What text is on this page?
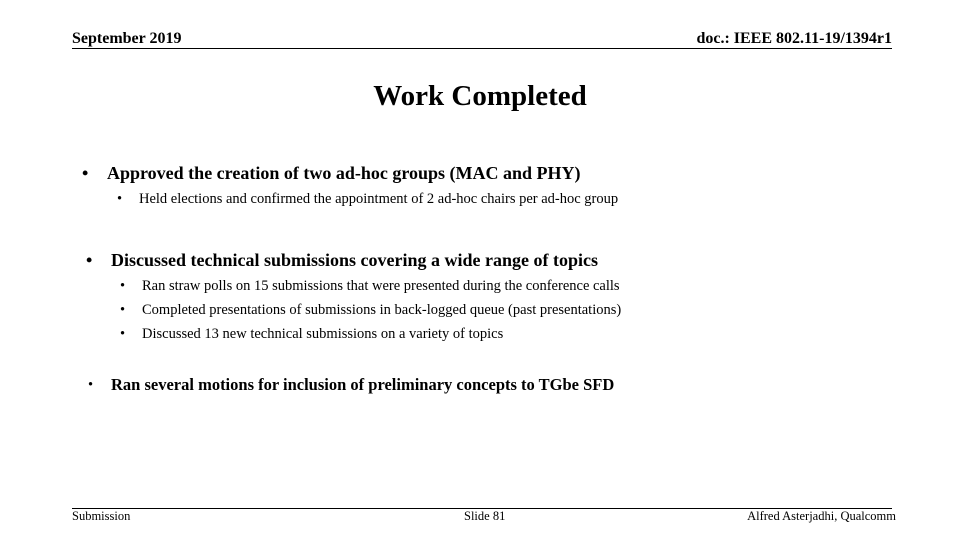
September 2019	doc.: IEEE 802.11-19/1394r1
Work Completed
• Approved the creation of two ad-hoc groups (MAC and PHY)
• Held elections and confirmed the appointment of 2 ad-hoc chairs per ad-hoc group
• Discussed technical submissions covering a wide range of topics
• Ran straw polls on 15 submissions that were presented during the conference calls
• Completed presentations of submissions in back-logged queue (past presentations)
• Discussed 13 new technical submissions on a variety of topics
• Ran several motions for inclusion of preliminary concepts to TGbe SFD
Submission	Slide 81	Alfred Asterjadhi, Qualcomm
